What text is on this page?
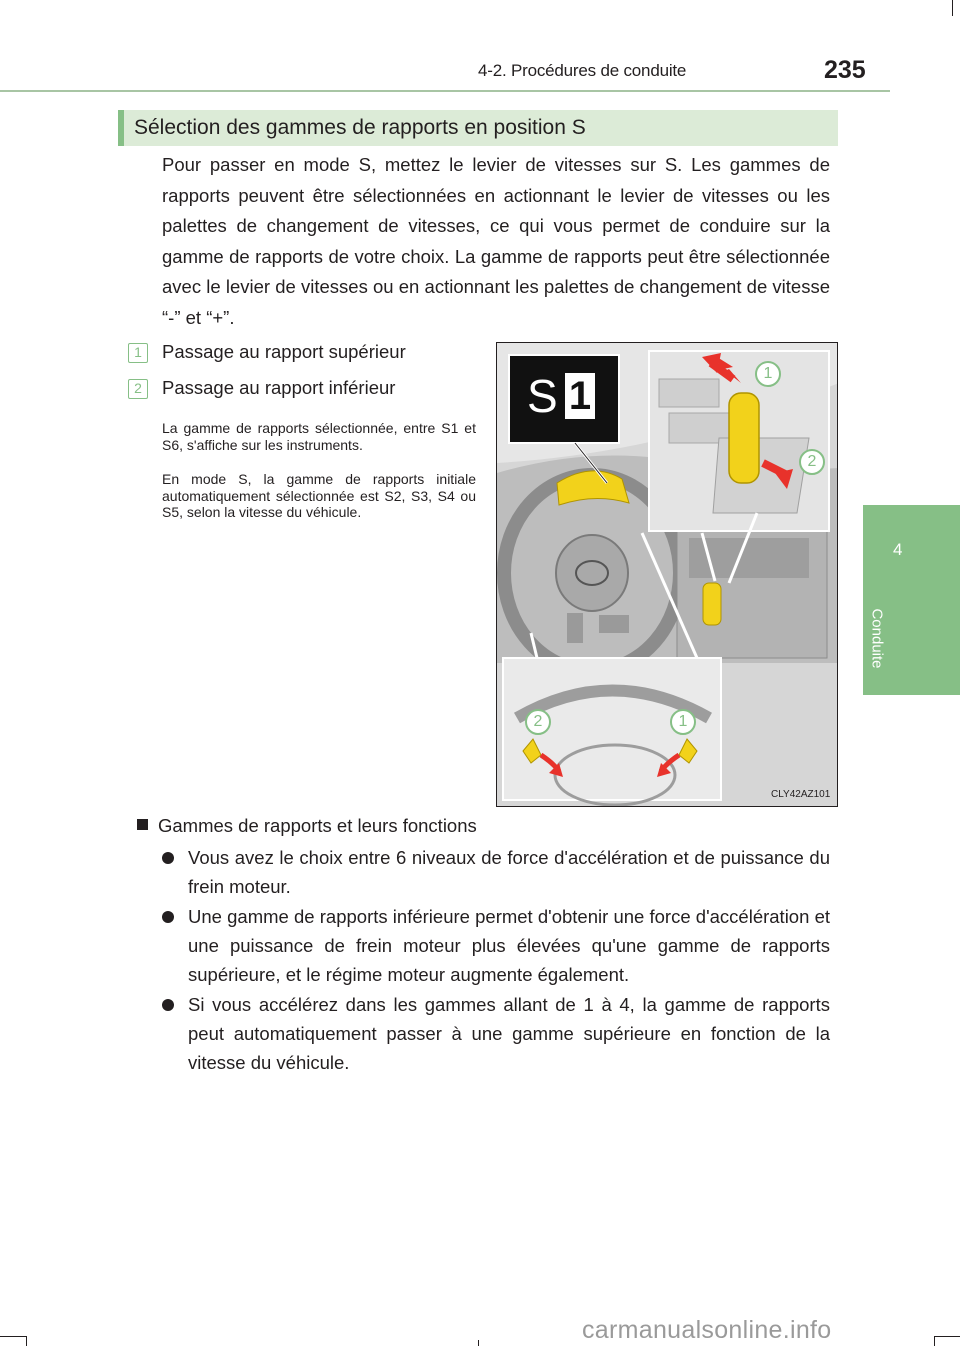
4-2. Procédures de conduite	235
4
Conduite
Sélection des gammes de rapports en position S
Pour passer en mode S, mettez le levier de vitesses sur S. Les gammes de rapports peuvent être sélectionnées en actionnant le levier de vitesses ou les palettes de changement de vitesses, ce qui vous permet de conduire sur la gamme de rapports de votre choix. La gamme de rapports peut être sélectionnée avec le levier de vitesses ou en actionnant les palettes de changement de vitesse “-” et “+”.
1	Passage au rapport supérieur
2	Passage au rapport inférieur
La gamme de rapports sélectionnée, entre S1 et S6, s'affiche sur les instruments.
En mode S, la gamme de rapports initiale automatiquement sélectionnée est S2, S3, S4 ou S5, selon la vitesse du véhicule.
S 1
1
2
2	1
CLY42AZ101
Gammes de rapports et leurs fonctions
Vous avez le choix entre 6 niveaux de force d'accélération et de puissance du frein moteur.
Une gamme de rapports inférieure permet d'obtenir une force d'accélération et une puissance de frein moteur plus élevées qu'une gamme de rapports supérieure, et le régime moteur augmente également.
Si vous accélérez dans les gammes allant de 1 à 4, la gamme de rapports peut automatiquement passer à une gamme supérieure en fonction de la vitesse du véhicule.
carmanualsonline.info
